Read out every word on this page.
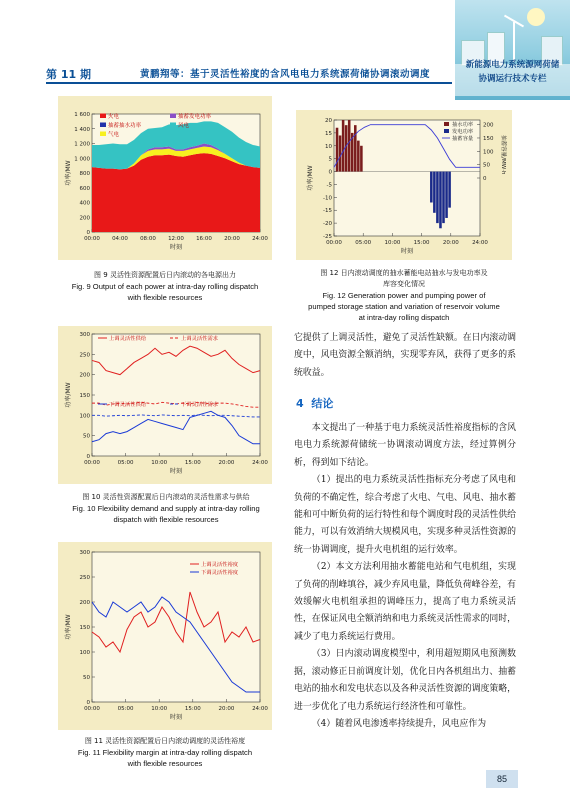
第 11 期	黄鹏翔等：基于灵活性裕度的含风电电力系统源荷储协调滚动调度
新能源电力系统源网荷储
协调运行技术专栏
0
200
400
600
800
1 000
1 200
1 400
1 600
00:00 04:00 08:00 12:00 16:00 20:00 24:00
时刻
功率/MW
火电	抽蓄发电功率
抽蓄抽水功率	风电
气电
图 9 灵活性资源配置后日内滚动的各电源出力
Fig. 9 Output of each power at intra-day rolling dispatch
with flexible resources
0
50
100
150
200
250
300
00:00	05:00	10:00	15:00	20:00	24:00
时刻
功率/MW
上调灵活性供给	上调灵活性需求
下调灵活性供给	下调灵活性需求
图 10 灵活性资源配置后日内滚动的灵活性需求与供给
Fig. 10 Flexibility demand and supply at intra-day rolling
dispatch with flexible resources
0
50
100
150
200
250
300
00:00	05:00	10:00	15:00	20:00	24:00
时刻
功率/MW
上调灵活性裕度
下调灵活性裕度
图 11 灵活性资源配置后日内滚动调度的灵活性裕度
Fig. 11 Flexibility margin at intra-day rolling dispatch
with flexible resources
-25
-20
-15
-10
-5
0
5
10
15
20
00:00 05:00 10:00 15:00 20:00 24:00
时刻
功率/MW	0
50
100
150
200
抽蓄容量/MW·h
抽水功率
发电功率
抽蓄容量
图 12 日内滚动调度的抽水蓄能电站抽水与发电功率及
库容变化情况
Fig. 12 Generation power and pumping power of
pumped storage station and variation of reservoir volume
at intra-day rolling dispatch

它提供了上调灵活性，避免了灵活性缺额。在日内滚动调度中，风电资源全额消纳，实现零弃风，获得了更多的系统收益。

4 结论

本文提出了一种基于电力系统灵活性裕度指标的含风电电力系统源荷储统一协调滚动调度方法，经过算例分析，得到如下结论。

（1）提出的电力系统灵活性指标充分考虑了风电和负荷的不确定性，综合考虑了火电、气电、风电、抽水蓄能和可中断负荷的运行特性和每个调度时段的灵活性供给能力，可以有效消纳大规模风电，实现多种灵活性资源的统一协调调度，提升火电机组的运行效率。

（2）本文方法利用抽水蓄能电站和气电机组，实现了负荷的削峰填谷，减少弃风电量，降低负荷峰谷差，有效缓解火电机组承担的调峰压力，提高了电力系统灵活性，在保证风电全额消纳和电力系统灵活性需求的同时，减少了电力系统运行费用。

（3）日内滚动调度模型中，利用超短期风电预测数据，滚动修正日前调度计划，优化日内各机组出力、抽蓄电站的抽水和发电状态以及各种灵活性资源的调度策略，进一步优化了电力系统运行经济性和可靠性。

（4）随着风电渗透率持续提升，风电应作为

85
